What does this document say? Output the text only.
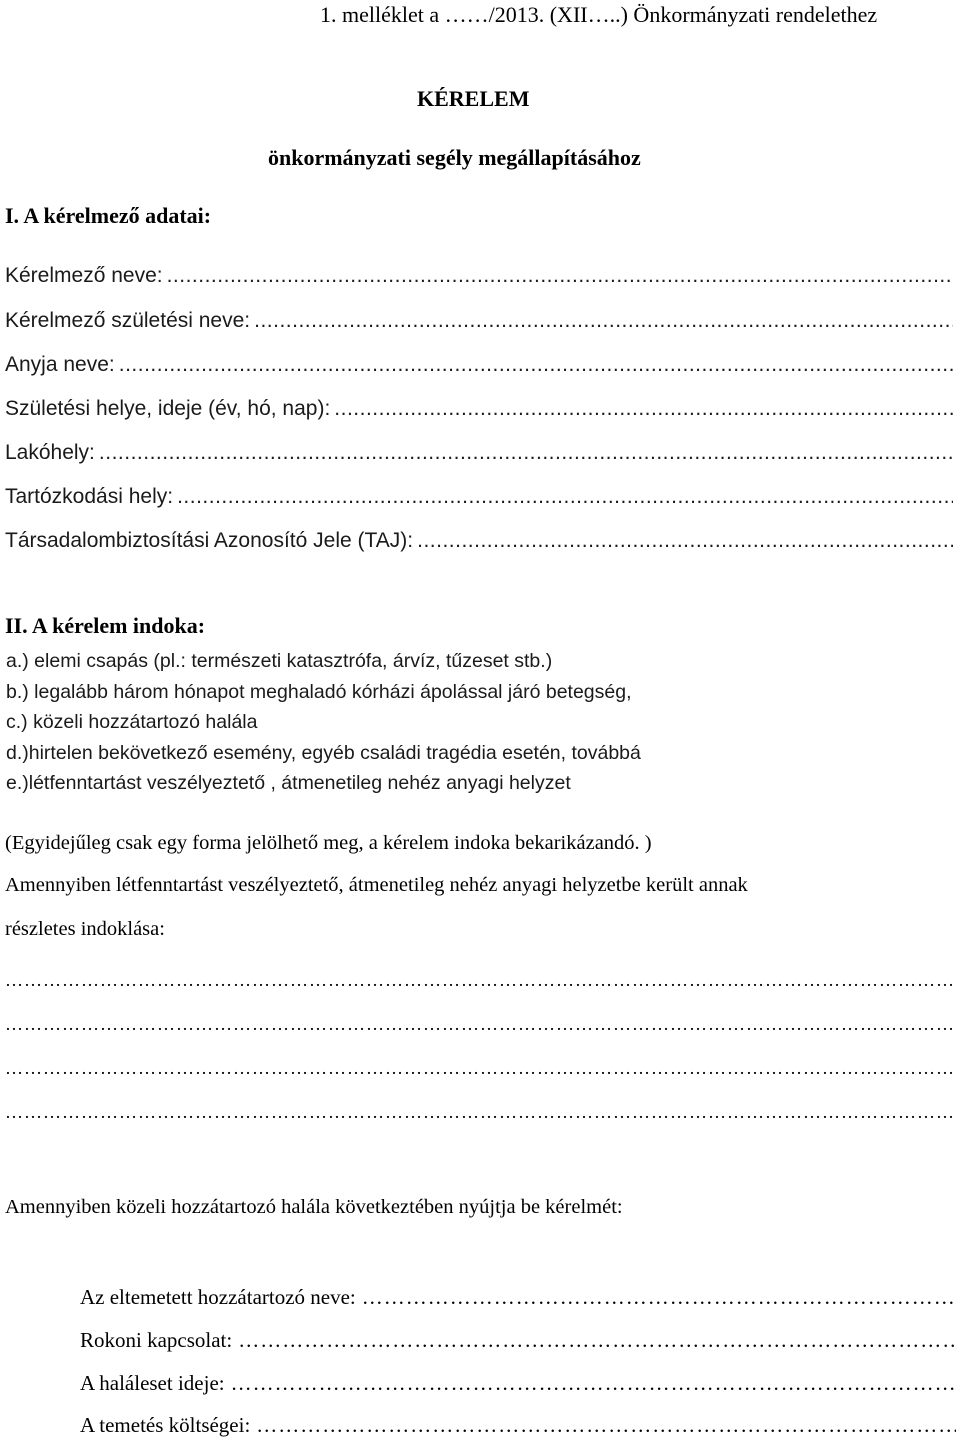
1. melléklet a ……/2013. (XII…..) Önkormányzati rendelethez
KÉRELEM
önkormányzati segély megállapításához
I. A kérelmező adatai:
Kérelmező neve:
.....
Kérelmező születési neve:
.....
Anyja neve:
.....
Születési helye, ideje (év, hó, nap):
.....
Lakóhely:
.....
Tartózkodási hely:
.....
Társadalombiztosítási Azonosító Jele (TAJ):
.....
II. A kérelem indoka:
a.) elemi csapás (pl.: természeti katasztrófa, árvíz, tűzeset stb.)
b.) legalább három hónapot meghaladó kórházi ápolással járó betegség,
c.) közeli hozzátartozó halála
d.)hirtelen bekövetkező esemény, egyéb családi tragédia esetén, továbbá
e.)létfenntartást veszélyeztető , átmenetileg nehéz anyagi helyzet
(Egyidejűleg csak egy forma jelölhető meg, a kérelem indoka bekarikázandó. )
Amennyiben létfenntartást veszélyeztető, átmenetileg nehéz anyagi helyzetbe került annak
részletes indoklása:
………………………………………………………………………………………………………………………………………………………………
………………………………………………………………………………………………………………………………………………………………
………………………………………………………………………………………………………………………………………………………………
………………………………………………………………………………………………………………………………………………………………
Amennyiben közeli hozzátartozó halála következtében nyújtja be kérelmét:
Az eltemetett hozzátartozó neve:
………………………………………………………………………………………………………………………
Rokoni kapcsolat:
………………………………………………………………………………………………………………………
A haláleset ideje:
………………………………………………………………………………………………………………………
A temetés költségei:
………………………………………………………………………………………………………………………
